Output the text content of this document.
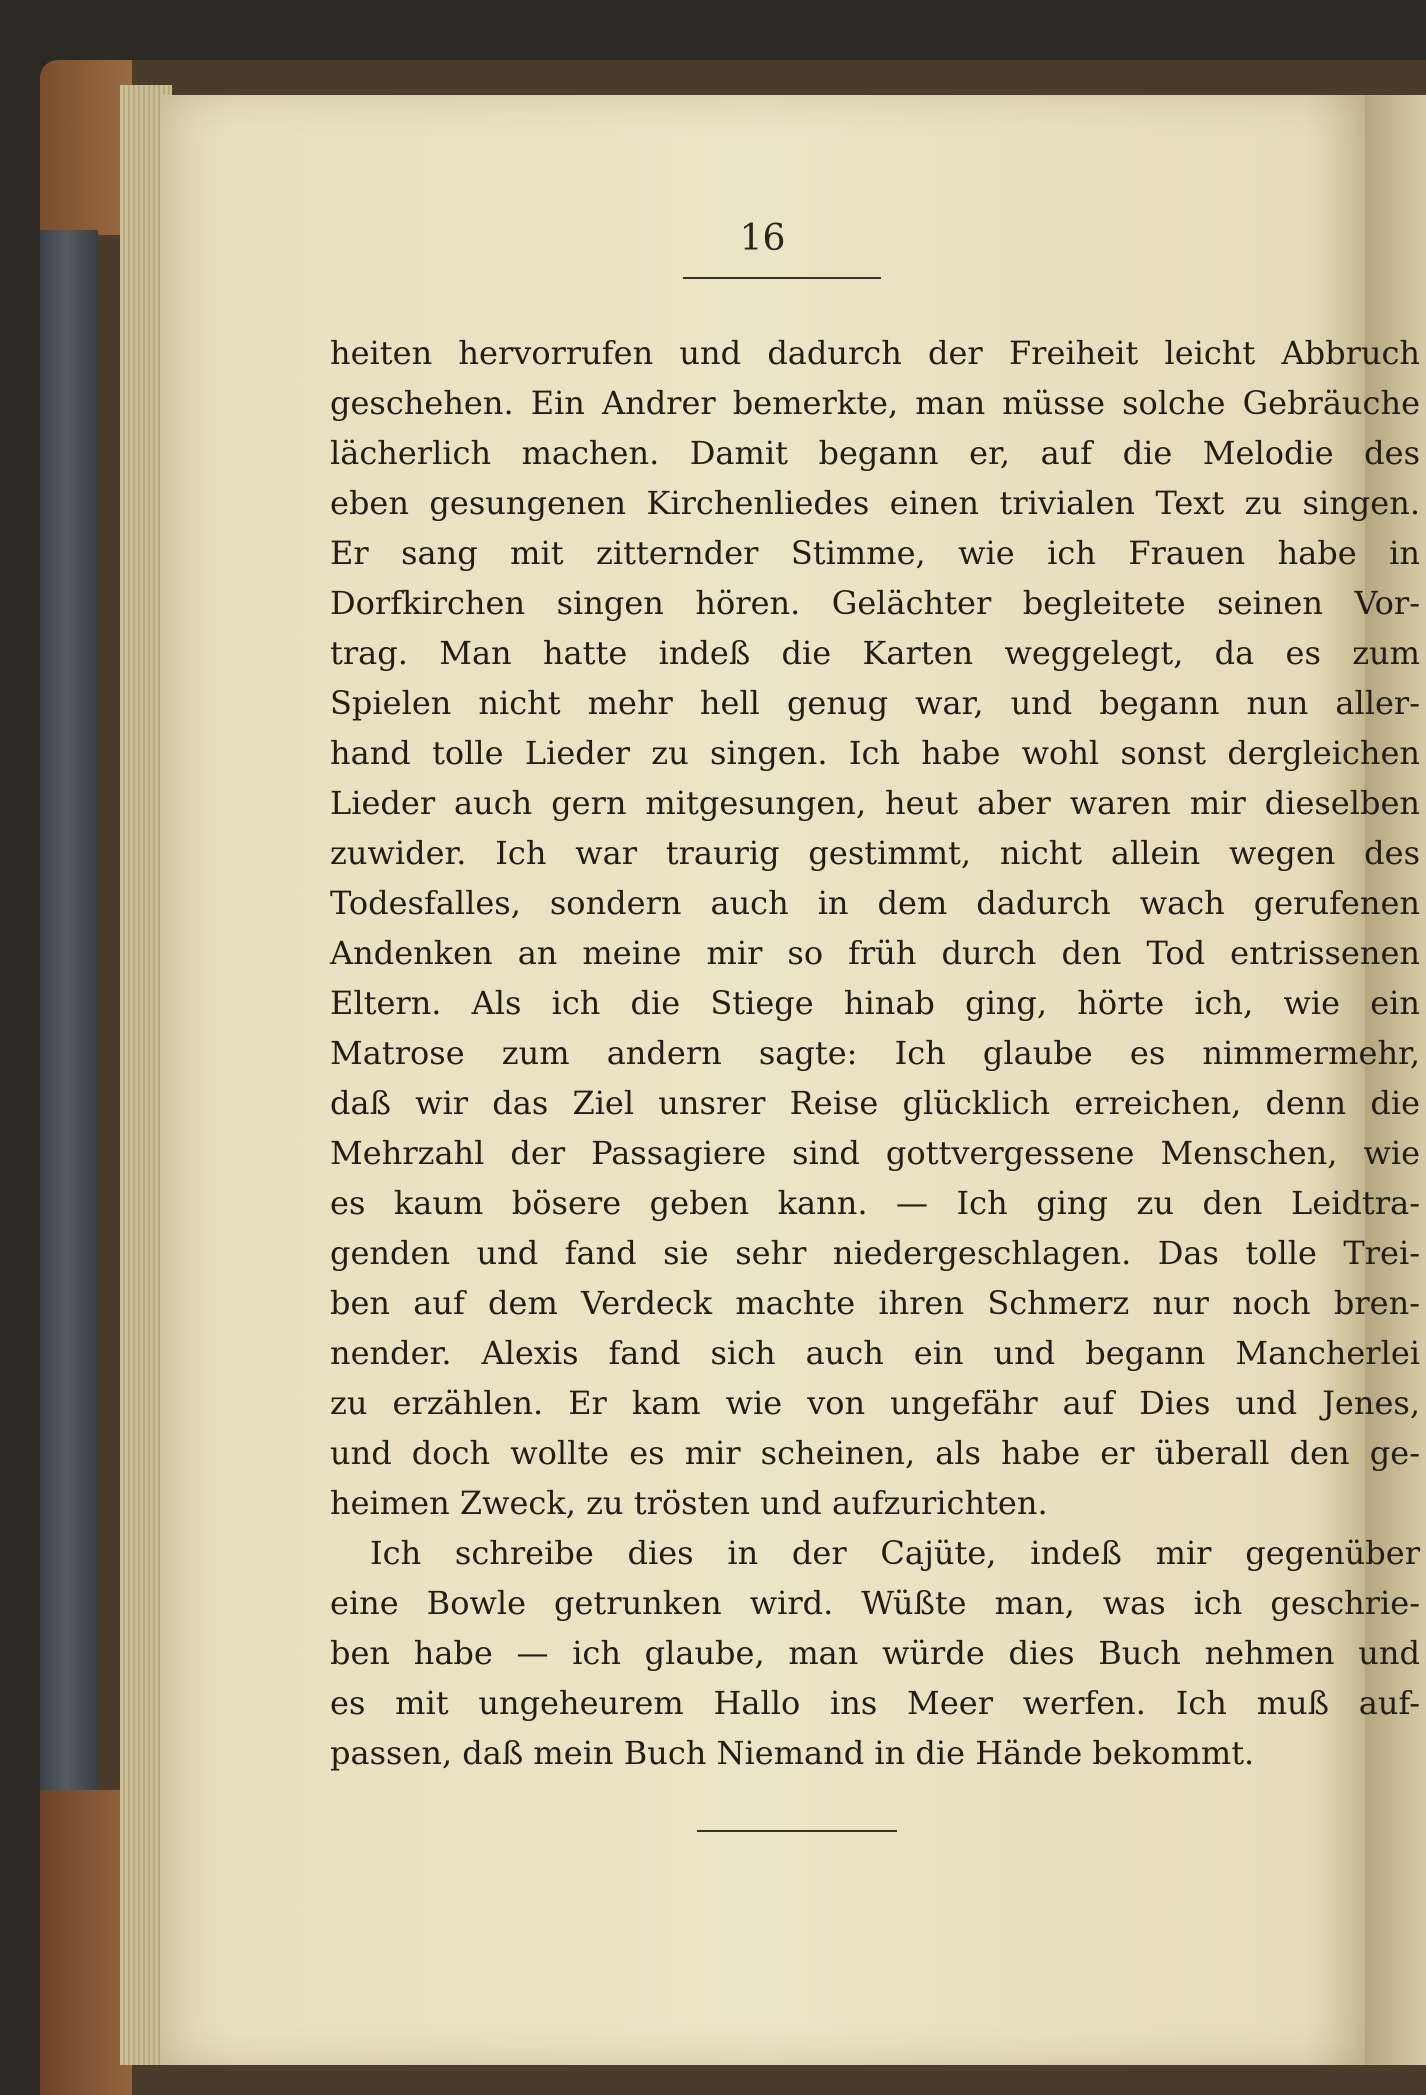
16
heiten hervorrufen und dadurch der Freiheit leicht Abbruch
geschehen. Ein Andrer bemerkte, man müsse solche Gebräuche
lächerlich machen. Damit begann er, auf die Melodie des
eben gesungenen Kirchenliedes einen trivialen Text zu singen.
Er sang mit zitternder Stimme, wie ich Frauen habe in
Dorfkirchen singen hören. Gelächter begleitete seinen Vor-
trag. Man hatte indeß die Karten weggelegt, da es zum
Spielen nicht mehr hell genug war, und begann nun aller-
hand tolle Lieder zu singen. Ich habe wohl sonst dergleichen
Lieder auch gern mitgesungen, heut aber waren mir dieselben
zuwider. Ich war traurig gestimmt, nicht allein wegen des
Todesfalles, sondern auch in dem dadurch wach gerufenen
Andenken an meine mir so früh durch den Tod entrissenen
Eltern. Als ich die Stiege hinab ging, hörte ich, wie ein
Matrose zum andern sagte: Ich glaube es nimmermehr,
daß wir das Ziel unsrer Reise glücklich erreichen, denn die
Mehrzahl der Passagiere sind gottvergessene Menschen, wie
es kaum bösere geben kann. — Ich ging zu den Leidtra-
genden und fand sie sehr niedergeschlagen. Das tolle Trei-
ben auf dem Verdeck machte ihren Schmerz nur noch bren-
nender. Alexis fand sich auch ein und begann Mancherlei
zu erzählen. Er kam wie von ungefähr auf Dies und Jenes,
und doch wollte es mir scheinen, als habe er überall den ge-
heimen Zweck, zu trösten und aufzurichten.
Ich schreibe dies in der Cajüte, indeß mir gegenüber
eine Bowle getrunken wird. Wüßte man, was ich geschrie-
ben habe — ich glaube, man würde dies Buch nehmen und
es mit ungeheurem Hallo ins Meer werfen. Ich muß auf-
passen, daß mein Buch Niemand in die Hände bekommt.
